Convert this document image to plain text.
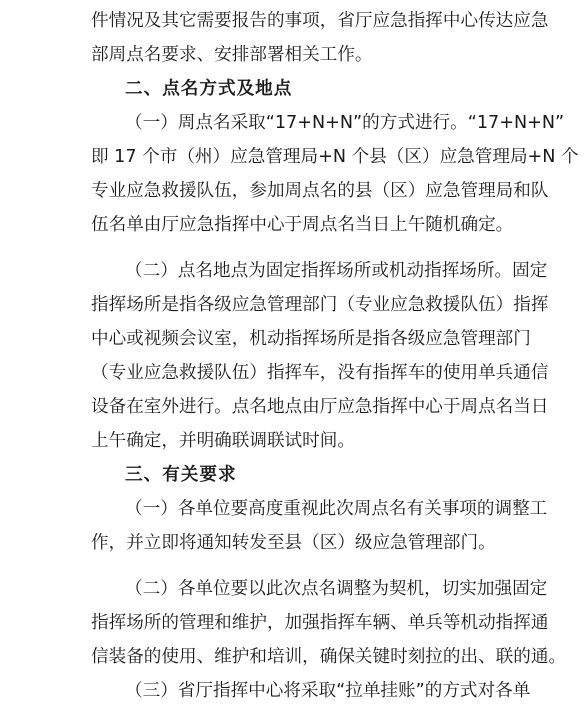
件情况及其它需要报告的事项，省厅应急指挥中心传达应急
部周点名要求、安排部署相关工作。
二、点名方式及地点
（一）周点名采取“17+N+N”的方式进行。“17+N+N”
即 17 个市（州）应急管理局+N 个县（区）应急管理局+N 个
专业应急救援队伍，参加周点名的县（区）应急管理局和队
伍名单由厅应急指挥中心于周点名当日上午随机确定。
（二）点名地点为固定指挥场所或机动指挥场所。固定
指挥场所是指各级应急管理部门（专业应急救援队伍）指挥
中心或视频会议室，机动指挥场所是指各级应急管理部门
（专业应急救援队伍）指挥车，没有指挥车的使用单兵通信
设备在室外进行。点名地点由厅应急指挥中心于周点名当日
上午确定，并明确联调联试时间。
三、有关要求
（一）各单位要高度重视此次周点名有关事项的调整工
作，并立即将通知转发至县（区）级应急管理部门。
（二）各单位要以此次点名调整为契机，切实加强固定
指挥场所的管理和维护，加强指挥车辆、单兵等机动指挥通
信装备的使用、维护和培训，确保关键时刻拉的出、联的通。
（三）省厅指挥中心将采取“拉单挂账”的方式对各单
